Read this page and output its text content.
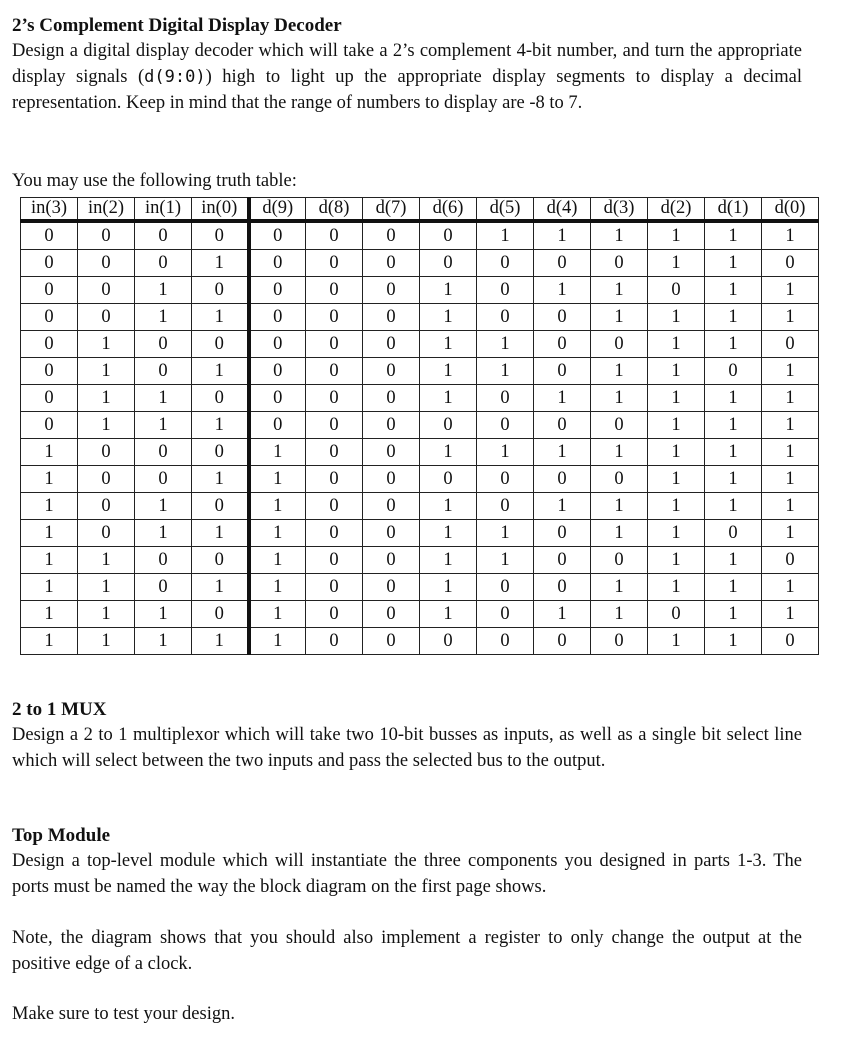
2’s Complement Digital Display Decoder

Design a digital display decoder which will take a 2’s complement 4-bit number, and turn the appropriate display signals (d(9:0)) high to light up the appropriate display segments to display a decimal representation. Keep in mind that the range of numbers to display are -8 to 7.

You may use the following truth table:

in(3)	in(2)	in(1)	in(0)	d(9)	d(8)	d(7)	d(6)	d(5)	d(4)	d(3)	d(2)	d(1)	d(0)
0	0	0	0	0	0	0	0	1	1	1	1	1	1
0	0	0	1	0	0	0	0	0	0	0	1	1	0
0	0	1	0	0	0	0	1	0	1	1	0	1	1
0	0	1	1	0	0	0	1	0	0	1	1	1	1
0	1	0	0	0	0	0	1	1	0	0	1	1	0
0	1	0	1	0	0	0	1	1	0	1	1	0	1
0	1	1	0	0	0	0	1	0	1	1	1	1	1
0	1	1	1	0	0	0	0	0	0	0	1	1	1
1	0	0	0	1	0	0	1	1	1	1	1	1	1
1	0	0	1	1	0	0	0	0	0	0	1	1	1
1	0	1	0	1	0	0	1	0	1	1	1	1	1
1	0	1	1	1	0	0	1	1	0	1	1	0	1
1	1	0	0	1	0	0	1	1	0	0	1	1	0
1	1	0	1	1	0	0	1	0	0	1	1	1	1
1	1	1	0	1	0	0	1	0	1	1	0	1	1
1	1	1	1	1	0	0	0	0	0	0	1	1	0
2 to 1 MUX

Design a 2 to 1 multiplexor which will take two 10-bit busses as inputs, as well as a single bit select line which will select between the two inputs and pass the selected bus to the output.

Top Module

Design a top-level module which will instantiate the three components you designed in parts 1-3. The ports must be named the way the block diagram on the first page shows.

Note, the diagram shows that you should also implement a register to only change the output at the positive edge of a clock.

Make sure to test your design.
